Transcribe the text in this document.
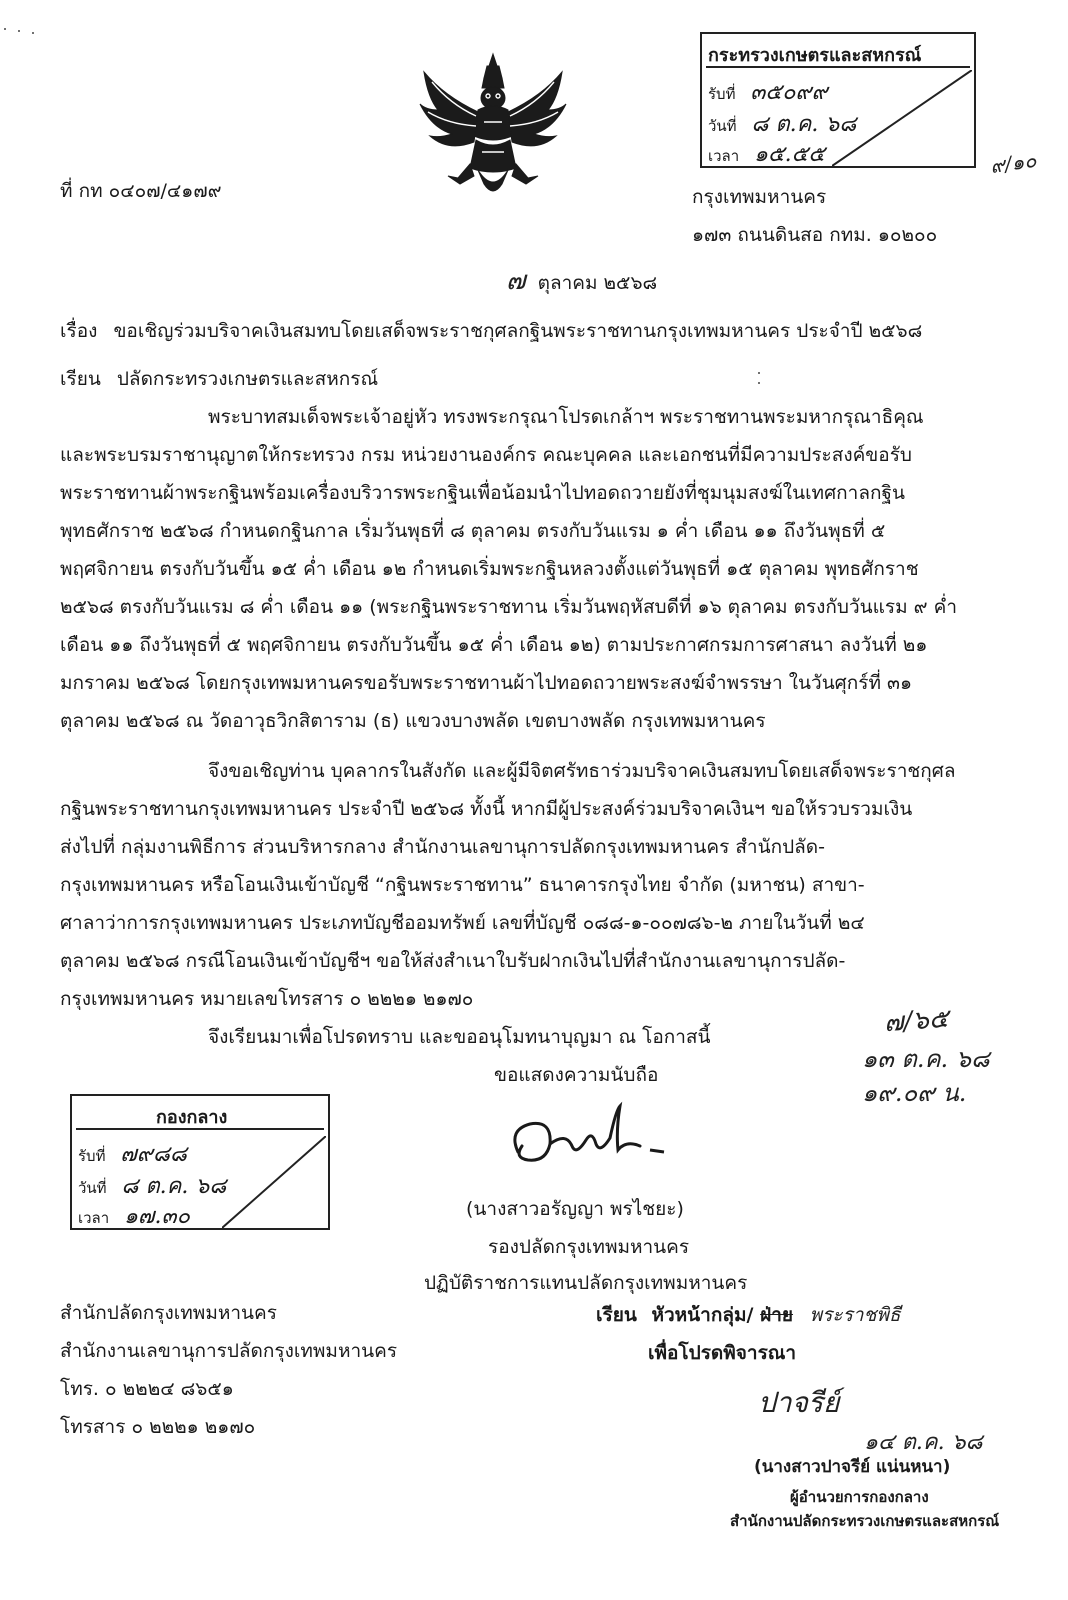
กระทรวงเกษตรและสหกรณ์
รับที่ ๓๕๐๙๙
วันที่ ๘ ต.ค. ๖๘
เวลา ๑๕.๕๕	๙/๑๐
ที่ กท ๐๔๐๗/๔๑๗๙	กรุงเทพมหานคร
๑๗๓ ถนนดินสอ กทม. ๑๐๒๐๐
๗ ตุลาคม ๒๕๖๘
เรื่อง ขอเชิญร่วมบริจาคเงินสมทบโดยเสด็จพระราชกุศลกฐินพระราชทานกรุงเทพมหานคร ประจำปี ๒๕๖๘
เรียน ปลัดกระทรวงเกษตรและสหกรณ์
พระบาทสมเด็จพระเจ้าอยู่หัว ทรงพระกรุณาโปรดเกล้าฯ พระราชทานพระมหากรุณาธิคุณ
และพระบรมราชานุญาตให้กระทรวง กรม หน่วยงานองค์กร คณะบุคคล และเอกชนที่มีความประสงค์ขอรับ
พระราชทานผ้าพระกฐินพร้อมเครื่องบริวารพระกฐินเพื่อน้อมนำไปทอดถวายยังที่ชุมนุมสงฆ์ในเทศกาลกฐิน
พุทธศักราช ๒๕๖๘ กำหนดกฐินกาล เริ่มวันพุธที่ ๘ ตุลาคม ตรงกับวันแรม ๑ ค่ำ เดือน ๑๑ ถึงวันพุธที่ ๕
พฤศจิกายน ตรงกับวันขึ้น ๑๕ ค่ำ เดือน ๑๒ กำหนดเริ่มพระกฐินหลวงตั้งแต่วันพุธที่ ๑๕ ตุลาคม พุทธศักราช
๒๕๖๘ ตรงกับวันแรม ๘ ค่ำ เดือน ๑๑ (พระกฐินพระราชทาน เริ่มวันพฤหัสบดีที่ ๑๖ ตุลาคม ตรงกับวันแรม ๙ ค่ำ
เดือน ๑๑ ถึงวันพุธที่ ๕ พฤศจิกายน ตรงกับวันขึ้น ๑๕ ค่ำ เดือน ๑๒) ตามประกาศกรมการศาสนา ลงวันที่ ๒๑
มกราคม ๒๕๖๘ โดยกรุงเทพมหานครขอรับพระราชทานผ้าไปทอดถวายพระสงฆ์จำพรรษา ในวันศุกร์ที่ ๓๑
ตุลาคม ๒๕๖๘ ณ วัดอาวุธวิกสิตาราม (ธ) แขวงบางพลัด เขตบางพลัด กรุงเทพมหานคร
จึงขอเชิญท่าน บุคลากรในสังกัด และผู้มีจิตศรัทธาร่วมบริจาคเงินสมทบโดยเสด็จพระราชกุศล
กฐินพระราชทานกรุงเทพมหานคร ประจำปี ๒๕๖๘ ทั้งนี้ หากมีผู้ประสงค์ร่วมบริจาคเงินฯ ขอให้รวบรวมเงิน
ส่งไปที่ กลุ่มงานพิธีการ ส่วนบริหารกลาง สำนักงานเลขานุการปลัดกรุงเทพมหานคร สำนักปลัด-
กรุงเทพมหานคร หรือโอนเงินเข้าบัญชี “กฐินพระราชทาน” ธนาคารกรุงไทย จำกัด (มหาชน) สาขา-
ศาลาว่าการกรุงเทพมหานคร ประเภทบัญชีออมทรัพย์ เลขที่บัญชี ๐๘๘-๑-๐๐๗๘๖-๒ ภายในวันที่ ๒๔
ตุลาคม ๒๕๖๘ กรณีโอนเงินเข้าบัญชีฯ ขอให้ส่งสำเนาใบรับฝากเงินไปที่สำนักงานเลขานุการปลัด-
กรุงเทพมหานคร หมายเลขโทรสาร ๐ ๒๒๒๑ ๒๑๗๐
จึงเรียนมาเพื่อโปรดทราบ และขออนุโมทนาบุญมา ณ โอกาสนี้	๗/๖๕
๑๓ ต.ค. ๖๘
๑๙.๐๙ น.
ขอแสดงความนับถือ
(นางสาวอรัญญา พรไชยะ)
รองปลัดกรุงเทพมหานคร
ปฏิบัติราชการแทนปลัดกรุงเทพมหานคร
กองกลาง
รับที่ ๗๙๘๘
วันที่ ๘ ต.ค. ๖๘
เวลา ๑๗.๓๐
สำนักปลัดกรุงเทพมหานคร
สำนักงานเลขานุการปลัดกรุงเทพมหานคร
โทร. ๐ ๒๒๒๔ ๘๖๕๑
โทรสาร ๐ ๒๒๒๑ ๒๑๗๐
เรียน หัวหน้ากลุ่ม/ ฝ่าย พระราชพิธี
เพื่อโปรดพิจารณา
ปาจรีย์
๑๔ ต.ค. ๖๘
(นางสาวปาจรีย์ แน่นหนา)
ผู้อำนวยการกองกลาง
สำนักงานปลัดกระทรวงเกษตรและสหกรณ์
